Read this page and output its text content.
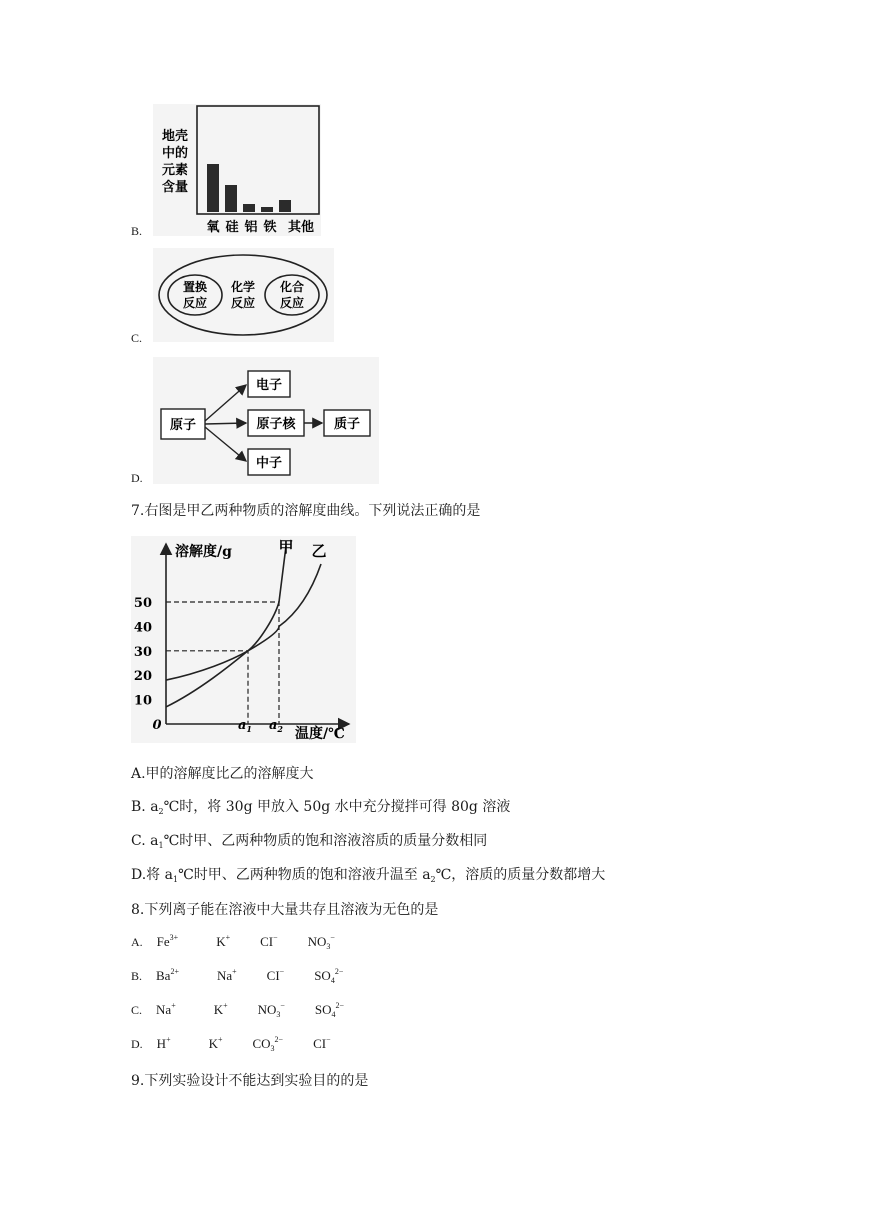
B.
地壳
中的
元素
含量
氧 硅 铝 铁 其他
C.
置换
反应
化学
反应
化合
反应
D.
原子
电子
原子核
中子
质子
7.右图是甲乙两种物质的溶解度曲线。下列说法正确的是
溶解度/g
温度/℃
0
10
20
30
40
50
甲 乙
$a_1$ $a_2$
A.甲的溶解度比乙的溶解度大
B. $a_2℃$时，将 30g 甲放入 50g 水中充分搅拌可得 80g 溶液
C. $a_1℃$时甲、乙两种物质的饱和溶液溶质的质量分数相同
D.将 $a_1℃$时甲、乙两种物质的饱和溶液升温至 $a_2℃$，溶质的质量分数都增大
8.下列离子能在溶液中大量共存且溶液为无色的是
A. Fe3+	K+ CI− NO3−
B. Ba2+	Na+ CI− SO42−
C. Na+	K+ NO3− SO42−
D. H+	K+ CO32− CI−
9.下列实验设计不能达到实验目的的是
